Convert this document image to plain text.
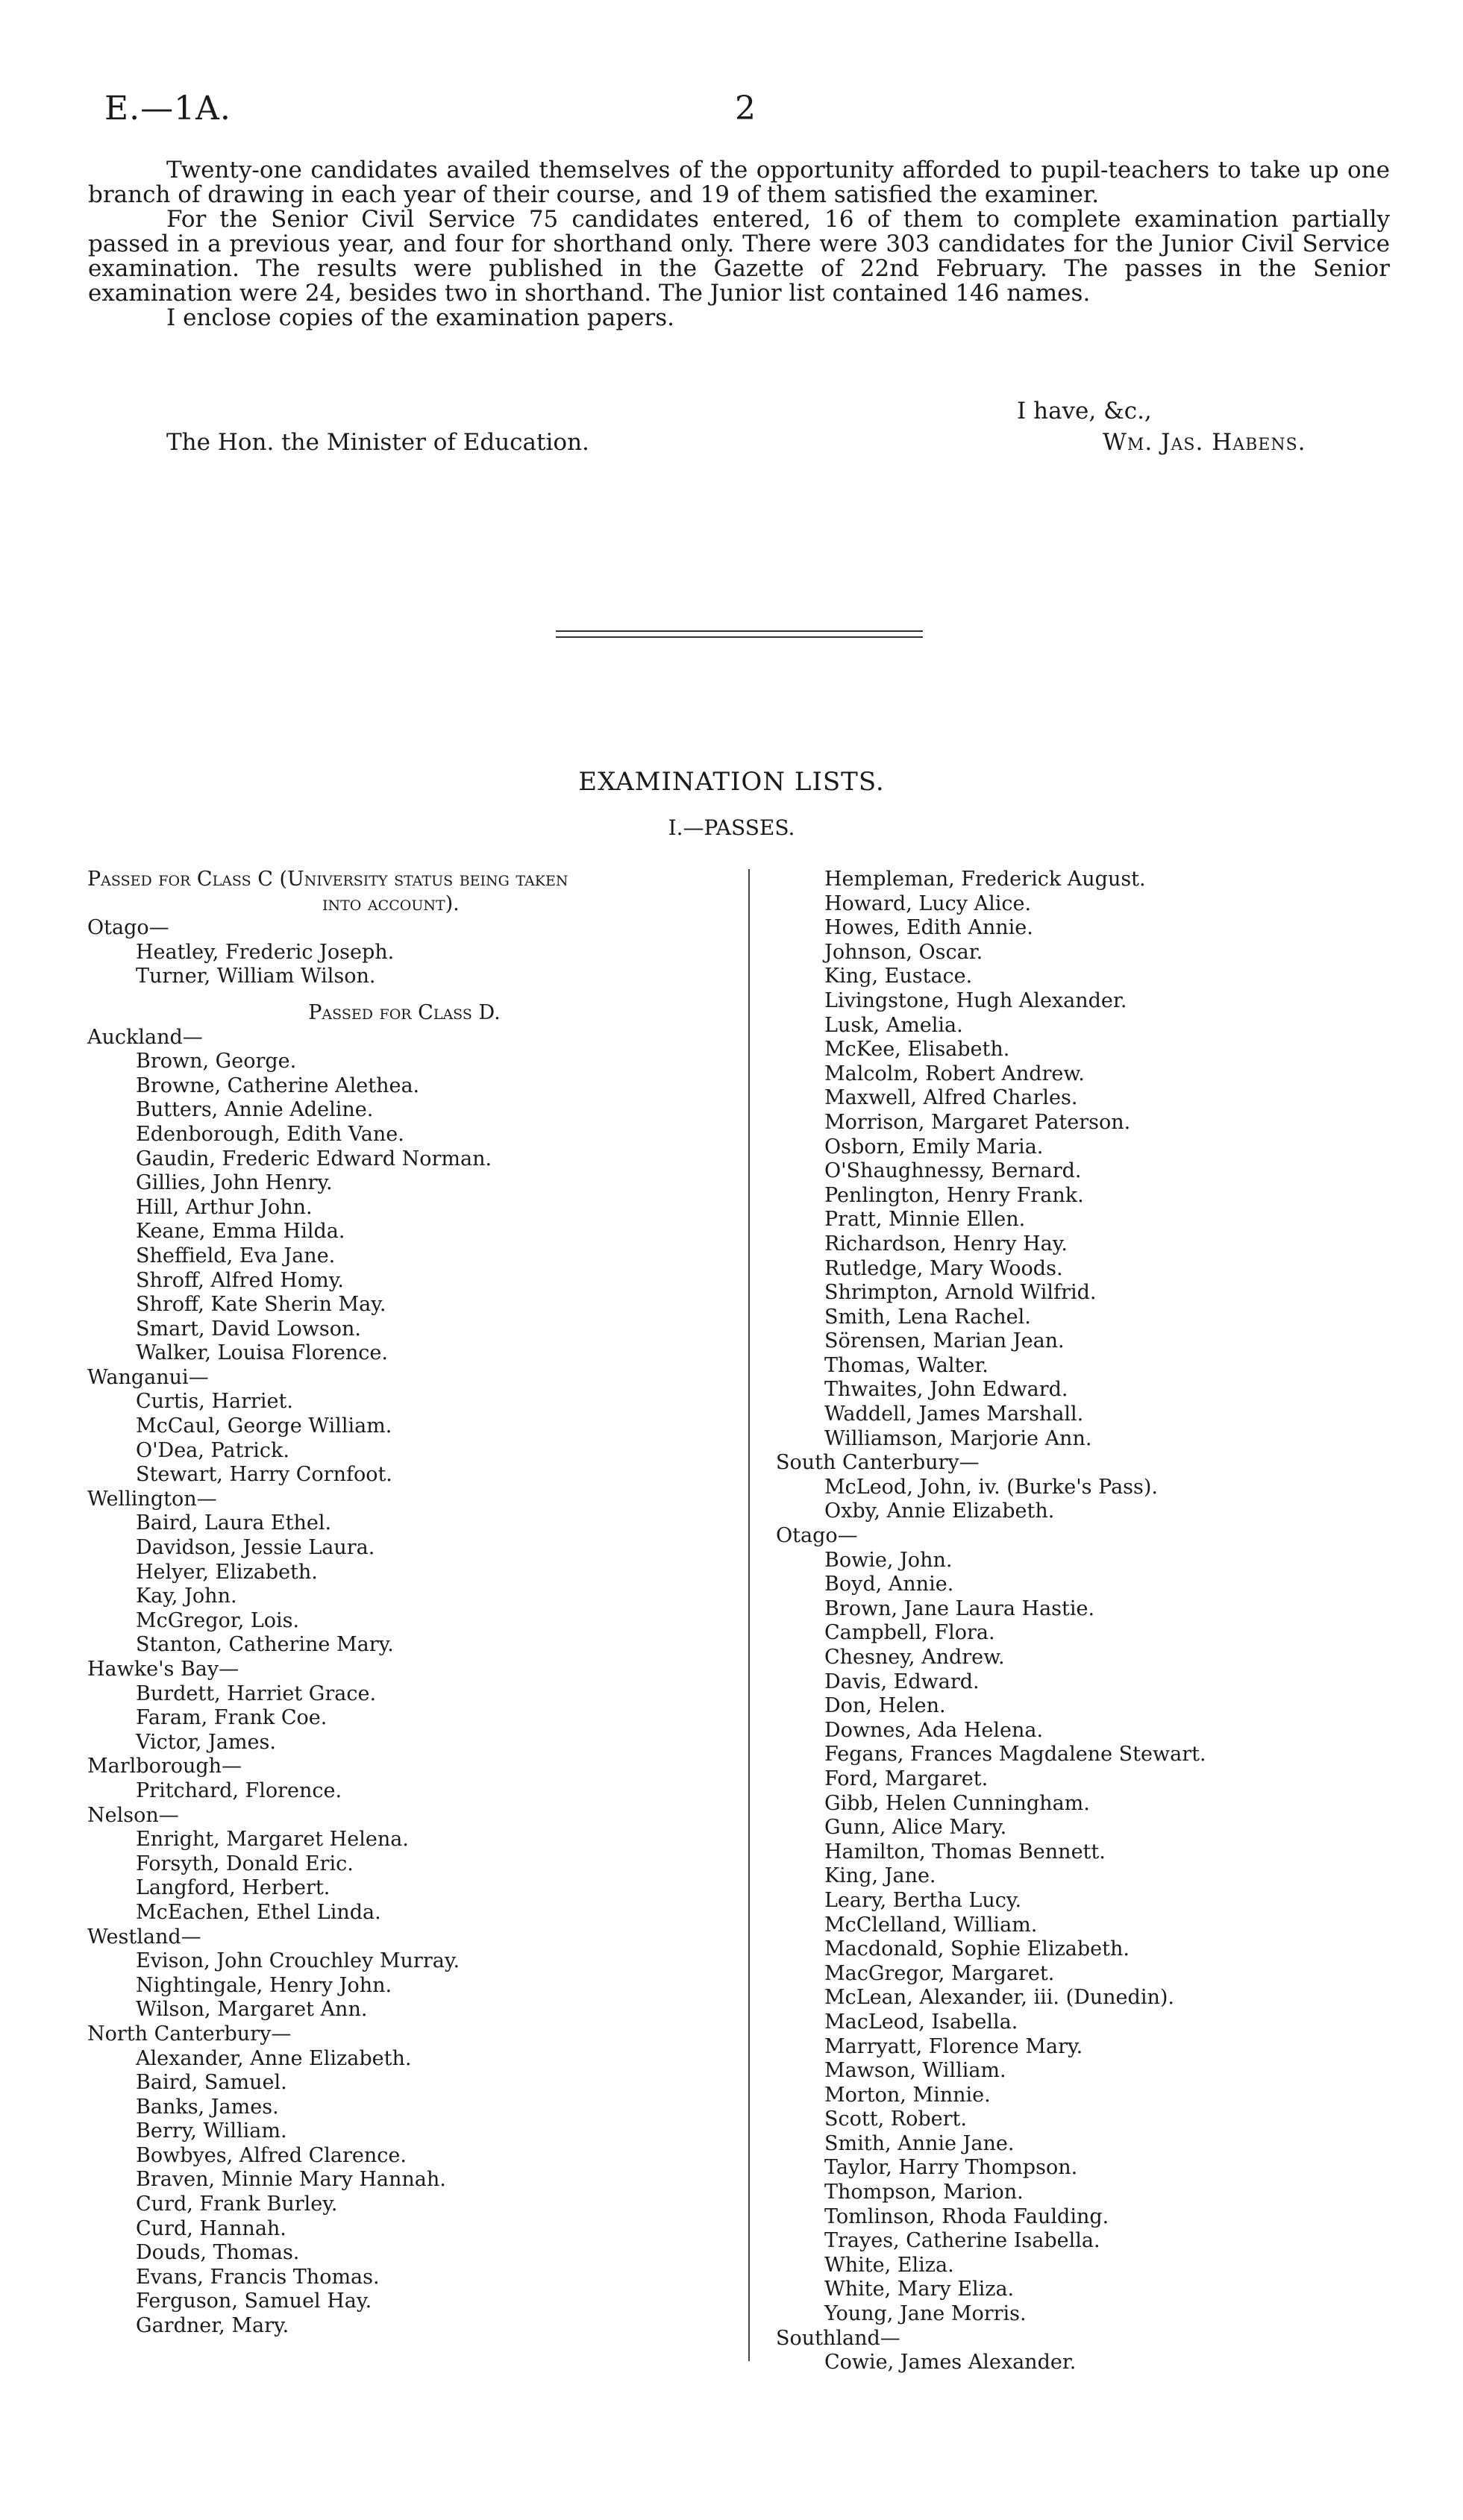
E.—1A.	2

Twenty-one candidates availed themselves of the opportunity afforded to pupil-teachers to take up one branch of drawing in each year of their course, and 19 of them satisfied the examiner.

For the Senior Civil Service 75 candidates entered, 16 of them to complete examination partially passed in a previous year, and four for shorthand only. There were 303 candidates for the Junior Civil Service examination. The results were published in the Gazette of 22nd February. The passes in the Senior examination were 24, besides two in shorthand. The Junior list contained 146 names.

I enclose copies of the examination papers.

I have, &c.,
The Hon. the Minister of Education.	Wm. Jas. Habens.
EXAMINATION LISTS.
I.—PASSES.
Passed for Class C (University status being taken
into account).
Otago—
Heatley, Frederic Joseph.
Turner, William Wilson.
Passed for Class D.
Auckland—
Brown, George.
Browne, Catherine Alethea.
Butters, Annie Adeline.
Edenborough, Edith Vane.
Gaudin, Frederic Edward Norman.
Gillies, John Henry.
Hill, Arthur John.
Keane, Emma Hilda.
Sheffield, Eva Jane.
Shroff, Alfred Homy.
Shroff, Kate Sherin May.
Smart, David Lowson.
Walker, Louisa Florence.
Wanganui—
Curtis, Harriet.
McCaul, George William.
O'Dea, Patrick.
Stewart, Harry Cornfoot.
Wellington—
Baird, Laura Ethel.
Davidson, Jessie Laura.
Helyer, Elizabeth.
Kay, John.
McGregor, Lois.
Stanton, Catherine Mary.
Hawke's Bay—
Burdett, Harriet Grace.
Faram, Frank Coe.
Victor, James.
Marlborough—
Pritchard, Florence.
Nelson—
Enright, Margaret Helena.
Forsyth, Donald Eric.
Langford, Herbert.
McEachen, Ethel Linda.
Westland—
Evison, John Crouchley Murray.
Nightingale, Henry John.
Wilson, Margaret Ann.
North Canterbury—
Alexander, Anne Elizabeth.
Baird, Samuel.
Banks, James.
Berry, William.
Bowbyes, Alfred Clarence.
Braven, Minnie Mary Hannah.
Curd, Frank Burley.
Curd, Hannah.
Douds, Thomas.
Evans, Francis Thomas.
Ferguson, Samuel Hay.
Gardner, Mary.
Hempleman, Frederick August.
Howard, Lucy Alice.
Howes, Edith Annie.
Johnson, Oscar.
King, Eustace.
Livingstone, Hugh Alexander.
Lusk, Amelia.
McKee, Elisabeth.
Malcolm, Robert Andrew.
Maxwell, Alfred Charles.
Morrison, Margaret Paterson.
Osborn, Emily Maria.
O'Shaughnessy, Bernard.
Penlington, Henry Frank.
Pratt, Minnie Ellen.
Richardson, Henry Hay.
Rutledge, Mary Woods.
Shrimpton, Arnold Wilfrid.
Smith, Lena Rachel.
Sörensen, Marian Jean.
Thomas, Walter.
Thwaites, John Edward.
Waddell, James Marshall.
Williamson, Marjorie Ann.
South Canterbury—
McLeod, John, iv. (Burke's Pass).
Oxby, Annie Elizabeth.
Otago—
Bowie, John.
Boyd, Annie.
Brown, Jane Laura Hastie.
Campbell, Flora.
Chesney, Andrew.
Davis, Edward.
Don, Helen.
Downes, Ada Helena.
Fegans, Frances Magdalene Stewart.
Ford, Margaret.
Gibb, Helen Cunningham.
Gunn, Alice Mary.
Hamilton, Thomas Bennett.
King, Jane.
Leary, Bertha Lucy.
McClelland, William.
Macdonald, Sophie Elizabeth.
MacGregor, Margaret.
McLean, Alexander, iii. (Dunedin).
MacLeod, Isabella.
Marryatt, Florence Mary.
Mawson, William.
Morton, Minnie.
Scott, Robert.
Smith, Annie Jane.
Taylor, Harry Thompson.
Thompson, Marion.
Tomlinson, Rhoda Faulding.
Trayes, Catherine Isabella.
White, Eliza.
White, Mary Eliza.
Young, Jane Morris.
Southland—
Cowie, James Alexander.
